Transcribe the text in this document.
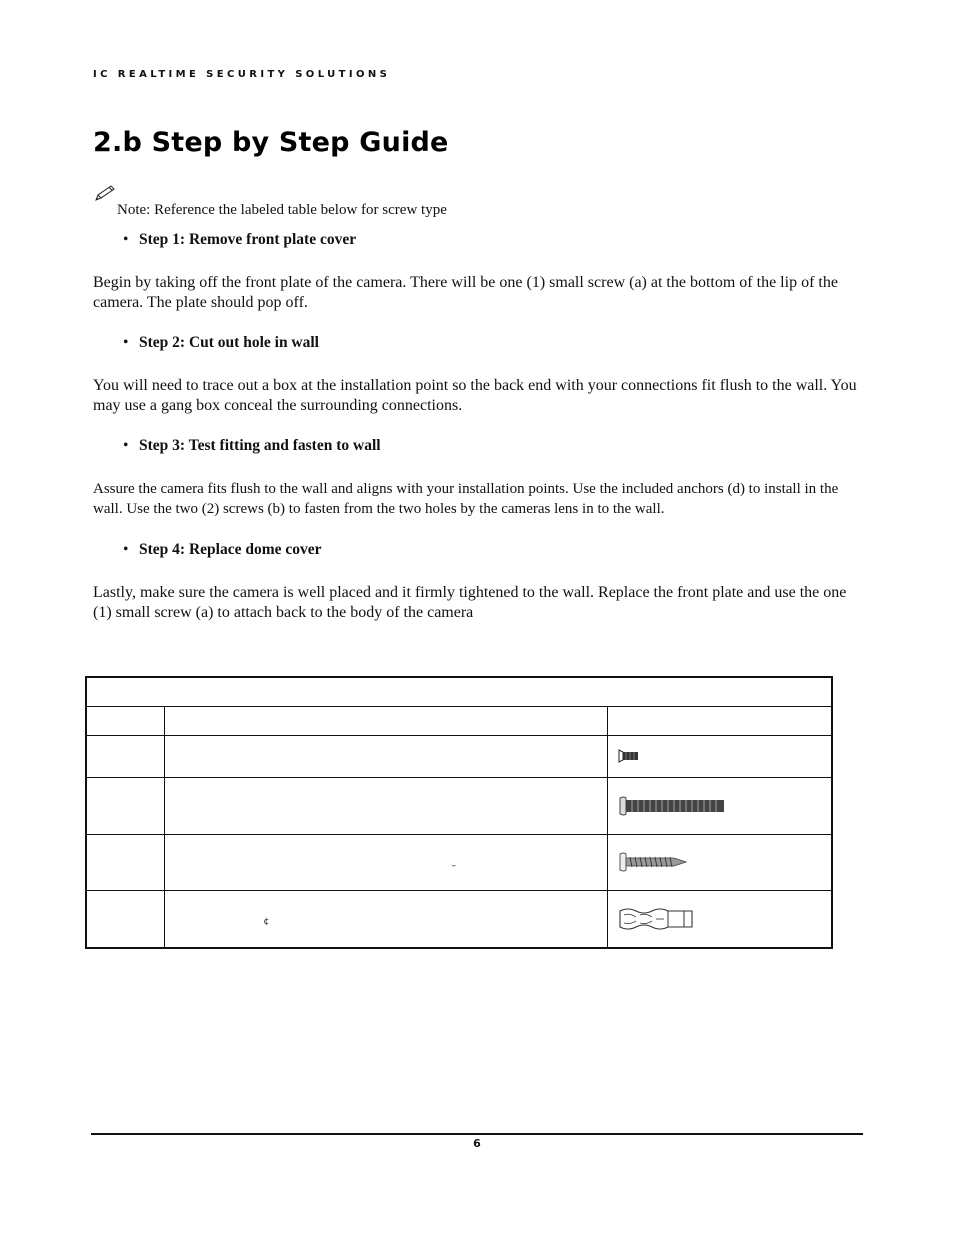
IC REALTIME SECURITY SOLUTIONS
2.b Step by Step Guide
Note: Reference the labeled table below for screw type
• Step 1: Remove front plate cover
Begin by taking off the front plate of the camera. There will be one (1) small screw (a) at the bottom of the lip of the camera. The plate should pop off.
• Step 2: Cut out hole in wall
You will need to trace out a box at the installation point so the back end with your connections fit flush to the wall. You may use a gang box conceal the surrounding connections.
• Step 3: Test fitting and fasten to wall
Assure the camera fits flush to the wall and aligns with your installation points. Use the included anchors (d) to install in the wall. Use the two (2) screws (b) to fasten from the two holes by the cameras lens in to the wall.
• Step 4: Replace dome cover
Lastly, make sure the camera is well placed and it firmly tightened to the wall. Replace the front plate and use the one (1) small screw (a) to attach back to the body of the camera

	–	

	¢	
6
